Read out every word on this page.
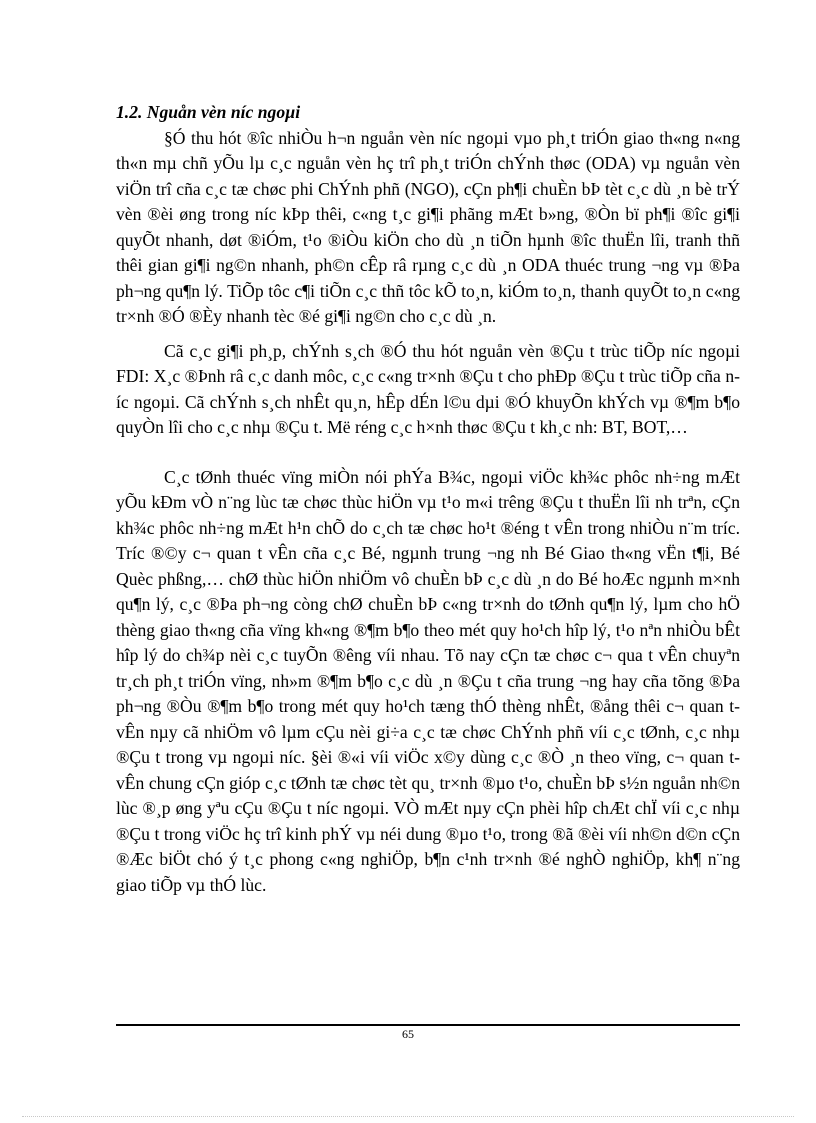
1.2. Nguån vèn níc ngoµi

§Ó thu hót ®îc nhiÒu h¬n nguån vèn níc ngoµi vµo ph¸t triÓn giao th«ng n«ng th«n mµ chñ yÕu lµ c¸c nguån vèn hç trî ph¸t triÓn chÝnh thøc (ODA) vµ nguån vèn viÖn trî cña c¸c tæ chøc phi ChÝnh phñ (NGO), cÇn ph¶i chuÈn bÞ tèt c¸c dù ¸n bè trÝ vèn ®èi øng trong níc kÞp thêi, c«ng t¸c gi¶i phãng mÆt b»ng, ®Òn bï ph¶i ®îc gi¶i quyÕt nhanh, døt ®iÓm, t¹o ®iÒu kiÖn cho dù ¸n tiÕn hµnh ®îc thuËn lîi, tranh thñ thêi gian gi¶i ng©n nhanh, ph©n cÊp râ rµng c¸c dù ¸n ODA thuéc trung ¬ng vµ ®Þa ph¬ng qu¶n lý. TiÕp tôc c¶i tiÕn c¸c thñ tôc kÕ to¸n, kiÓm to¸n, thanh quyÕt to¸n c«ng tr×nh ®Ó ®Èy nhanh tèc ®é gi¶i ng©n cho c¸c dù ¸n.

Cã c¸c gi¶i ph¸p, chÝnh s¸ch ®Ó thu hót nguån vèn ®Çu t trùc tiÕp níc ngoµi FDI: X¸c ®Þnh râ c¸c danh môc, c¸c c«ng tr×nh ®Çu t cho phÐp ®Çu t trùc tiÕp cña níc ngoµi. Cã chÝnh s¸ch nhÊt qu¸n, hÊp dÉn l©u dµi ®Ó khuyÕn khÝch vµ ®¶m b¶o quyÒn lîi cho c¸c nhµ ®Çu t. Më réng c¸c h×nh thøc ®Çu t kh¸c nh: BT, BOT,…

C¸c tØnh thuéc vïng miÒn nói phÝa B¾c, ngoµi viÖc kh¾c phôc nh÷ng mÆt yÕu kÐm vÒ n¨ng lùc tæ chøc thùc hiÖn vµ t¹o m«i trêng ®Çu t thuËn lîi nh trªn, cÇn kh¾c phôc nh÷ng mÆt h¹n chÕ do c¸ch tæ chøc ho¹t ®éng t vÊn trong nhiÒu n¨m tríc. Tríc ®©y c¬ quan t vÊn cña c¸c Bé, ngµnh trung ¬ng nh Bé Giao th«ng vËn t¶i, Bé Quèc phßng,… chØ thùc hiÖn nhiÖm vô chuÈn bÞ c¸c dù ¸n do Bé hoÆc ngµnh m×nh qu¶n lý, c¸c ®Þa ph¬ng còng chØ chuÈn bÞ c«ng tr×nh do tØnh qu¶n lý, lµm cho hÖ thèng giao th«ng cña vïng kh«ng ®¶m b¶o theo mét quy ho¹ch hîp lý, t¹o nªn nhiÒu bÊt hîp lý do ch¾p nèi c¸c tuyÕn ®êng víi nhau. Tõ nay cÇn tæ chøc c¬ qua t vÊn chuyªn tr¸ch ph¸t triÓn vïng, nh»m ®¶m b¶o c¸c dù ¸n ®Çu t cña trung ¬ng hay cña tõng ®Þa ph¬ng ®Òu ®¶m b¶o trong mét quy ho¹ch tæng thÓ thèng nhÊt, ®ång thêi c¬ quan t vÊn nµy cã nhiÖm vô lµm cÇu nèi gi÷a c¸c tæ chøc ChÝnh phñ víi c¸c tØnh, c¸c nhµ ®Çu t trong vµ ngoµi níc. §èi ®«i víi viÖc x©y dùng c¸c ®Ò ¸n theo vïng, c¬ quan t vÊn chung cÇn gióp c¸c tØnh tæ chøc tèt qu¸ tr×nh ®µo t¹o, chuÈn bÞ s½n nguån nh©n lùc ®¸p øng yªu cÇu ®Çu t níc ngoµi. VÒ mÆt nµy cÇn phèi hîp chÆt chÏ víi c¸c nhµ ®Çu t trong viÖc hç trî kinh phÝ vµ néi dung ®µo t¹o, trong ®ã ®èi víi nh©n d©n cÇn ®Æc biÖt chó ý t¸c phong c«ng nghiÖp, b¶n c¹nh tr×nh ®é nghÒ nghiÖp, kh¶ n¨ng giao tiÕp vµ thÓ lùc.

65
